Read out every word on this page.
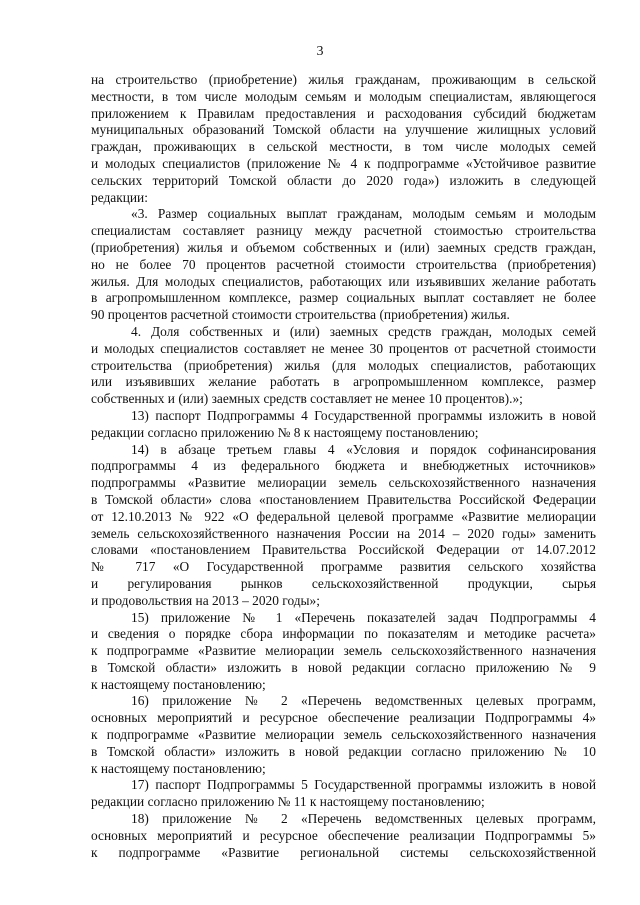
3
на строительство (приобретение) жилья гражданам, проживающим в сельской
местности, в том числе молодым семьям и молодым специалистам, являющегося
приложением к Правилам предоставления и расходования субсидий бюджетам
муниципальных образований Томской области на улучшение жилищных условий
граждан, проживающих в сельской местности, в том числе молодых семей
и молодых специалистов (приложение № 4 к подпрограмме «Устойчивое развитие
сельских территорий Томской области до 2020 года») изложить в следующей
редакции:
«3. Размер социальных выплат гражданам, молодым семьям и молодым
специалистам составляет разницу между расчетной стоимостью строительства
(приобретения) жилья и объемом собственных и (или) заемных средств граждан,
но не более 70 процентов расчетной стоимости строительства (приобретения)
жилья. Для молодых специалистов, работающих или изъявивших желание работать
в агропромышленном комплексе, размер социальных выплат составляет не более
90 процентов расчетной стоимости строительства (приобретения) жилья.
4. Доля собственных и (или) заемных средств граждан, молодых семей
и молодых специалистов составляет не менее 30 процентов от расчетной стоимости
строительства (приобретения) жилья (для молодых специалистов, работающих
или изъявивших желание работать в агропромышленном комплексе, размер
собственных и (или) заемных средств составляет не менее 10 процентов).»;
13) паспорт Подпрограммы 4 Государственной программы изложить в новой
редакции согласно приложению № 8 к настоящему постановлению;
14) в абзаце третьем главы 4 «Условия и порядок софинансирования
подпрограммы 4 из федерального бюджета и внебюджетных источников»
подпрограммы «Развитие мелиорации земель сельскохозяйственного назначения
в Томской области» слова «постановлением Правительства Российской Федерации
от 12.10.2013 № 922 «О федеральной целевой программе «Развитие мелиорации
земель сельскохозяйственного назначения России на 2014 – 2020 годы» заменить
словами «постановлением Правительства Российской Федерации от 14.07.2012
№ 717 «О Государственной программе развития сельского хозяйства
и регулирования рынков сельскохозяйственной продукции, сырья
и продовольствия на 2013 – 2020 годы»;
15) приложение № 1 «Перечень показателей задач Подпрограммы 4
и сведения о порядке сбора информации по показателям и методике расчета»
к подпрограмме «Развитие мелиорации земель сельскохозяйственного назначения
в Томской области» изложить в новой редакции согласно приложению № 9
к настоящему постановлению;
16) приложение № 2 «Перечень ведомственных целевых программ,
основных мероприятий и ресурсное обеспечение реализации Подпрограммы 4»
к подпрограмме «Развитие мелиорации земель сельскохозяйственного назначения
в Томской области» изложить в новой редакции согласно приложению № 10
к настоящему постановлению;
17) паспорт Подпрограммы 5 Государственной программы изложить в новой
редакции согласно приложению № 11 к настоящему постановлению;
18) приложение № 2 «Перечень ведомственных целевых программ,
основных мероприятий и ресурсное обеспечение реализации Подпрограммы 5»
к подпрограмме «Развитие региональной системы сельскохозяйственной
